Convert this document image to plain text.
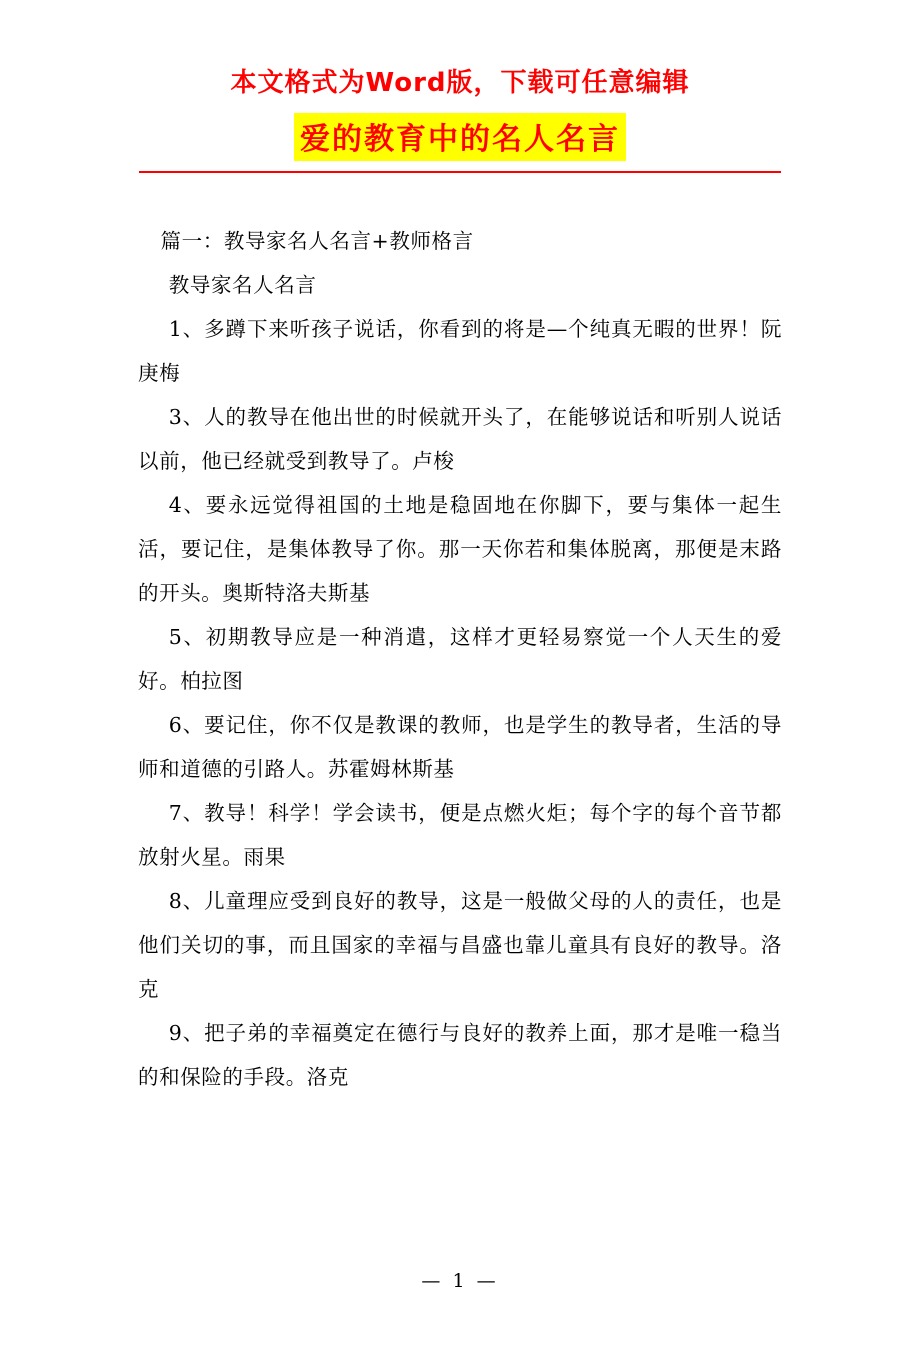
本文格式为Word版，下载可任意编辑
爱的教育中的名人名言

篇一：教导家名人名言+教师格言

教导家名人名言

1、多蹲下来听孩子说话，你看到的将是—个纯真无暇的世界！阮庚梅

3、人的教导在他出世的时候就开头了，在能够说话和听别人说话以前，他已经就受到教导了。卢梭

4、要永远觉得祖国的土地是稳固地在你脚下，要与集体一起生活，要记住，是集体教导了你。那一天你若和集体脱离，那便是末路的开头。奥斯特洛夫斯基

5、初期教导应是一种消遣，这样才更轻易察觉一个人天生的爱好。柏拉图

6、要记住，你不仅是教课的教师，也是学生的教导者，生活的导师和道德的引路人。苏霍姆林斯基

7、教导！科学！学会读书，便是点燃火炬；每个字的每个音节都放射火星。雨果

8、儿童理应受到良好的教导，这是一般做父母的人的责任，也是他们关切的事，而且国家的幸福与昌盛也靠儿童具有良好的教导。洛克

9、把子弟的幸福奠定在德行与良好的教养上面，那才是唯一稳当的和保险的手段。洛克

— 1 —
